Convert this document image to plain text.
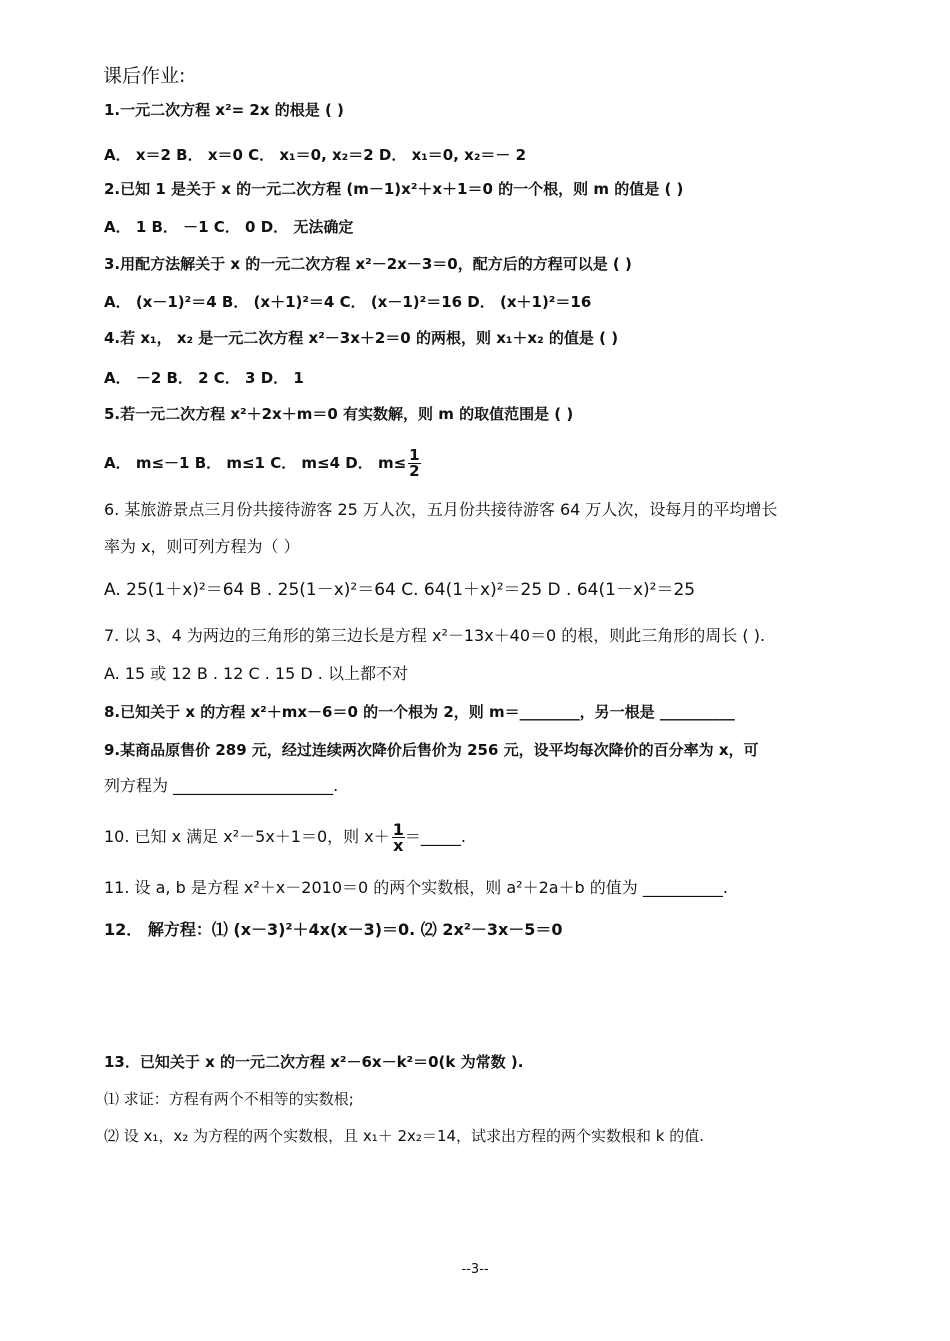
课后作业:
1.一元二次方程 x²= 2x 的根是 ( )
A． x＝2 B． x＝0 C． x₁＝0, x₂＝2 D． x₁＝0, x₂＝－ 2
2.已知 1 是关于 x 的一元二次方程 (m－1)x²＋x＋1＝0 的一个根，则 m 的值是 ( )
A． 1 B． －1 C． 0 D． 无法确定
3.用配方法解关于 x 的一元二次方程 x²－2x－3＝0，配方后的方程可以是 ( )
A． (x－1)²＝4 B． (x＋1)²＝4 C． (x－1)²＝16 D． (x＋1)²＝16
4.若 x₁， x₂ 是一元二次方程 x²－3x＋2＝0 的两根，则 x₁＋x₂ 的值是 ( )
A． －2 B． 2 C． 3 D． 1
5.若一元二次方程 x²＋2x＋m＝0 有实数解，则 m 的取值范围是 ( )
A． m≤－1 B． m≤1 C． m≤4 D． $m\le \frac{1}{2}$
6. 某旅游景点三月份共接待游客 25 万人次，五月份共接待游客 64 万人次，设每月的平均增长
率为 x，则可列方程为（ ）
A. 25(1＋x)²＝64 B . 25(1－x)²＝64 C. 64(1＋x)²＝25 D . 64(1－x)²＝25
7. 以 3、4 为两边的三角形的第三边长是方程 x²－13x＋40＝0 的根，则此三角形的周长 ( ).
A. 15 或 12 B . 12 C . 15 D . 以上都不对
8.已知关于 x 的方程 x²＋mx－6＝0 的一个根为 2，则 m＝________，另一根是 __________
9.某商品原售价 289 元，经过连续两次降价后售价为 256 元，设平均每次降价的百分率为 x，可
列方程为 ____________________.
10. 已知 x 满足 x²－5x＋1＝0，则 $x+ \frac{1}{x}$ ＝_____.
11. 设 a, b 是方程 x²＋x－2010＝0 的两个实数根，则 a²＋2a＋b 的值为 __________.
12． 解方程：⑴ (x－3)²＋4x(x－3)＝0. ⑵ 2x²－3x－5＝0
13．已知关于 x 的一元二次方程 x²－6x－k²＝0(k 为常数 ).
⑴ 求证：方程有两个不相等的实数根;
⑵ 设 x₁，x₂ 为方程的两个实数根，且 x₁＋ 2x₂＝14，试求出方程的两个实数根和 k 的值.
--3--
